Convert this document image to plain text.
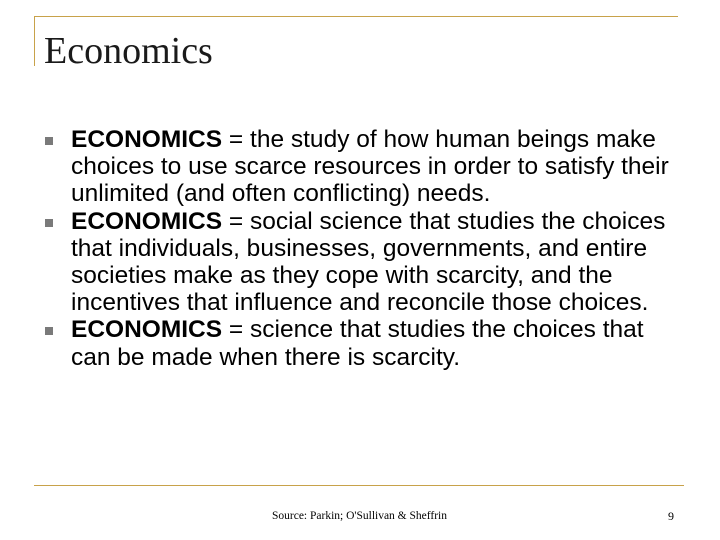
Economics
ECONOMICS = the study of how human beings make choices to use scarce resources in order to satisfy their unlimited (and often conflicting) needs.
ECONOMICS = social science that studies the choices that individuals, businesses, governments, and entire societies make as they cope with scarcity, and the incentives that influence and reconcile those choices.
ECONOMICS = science that studies the choices that can be made when there is scarcity.
Source: Parkin; O'Sullivan & Sheffrin	9
